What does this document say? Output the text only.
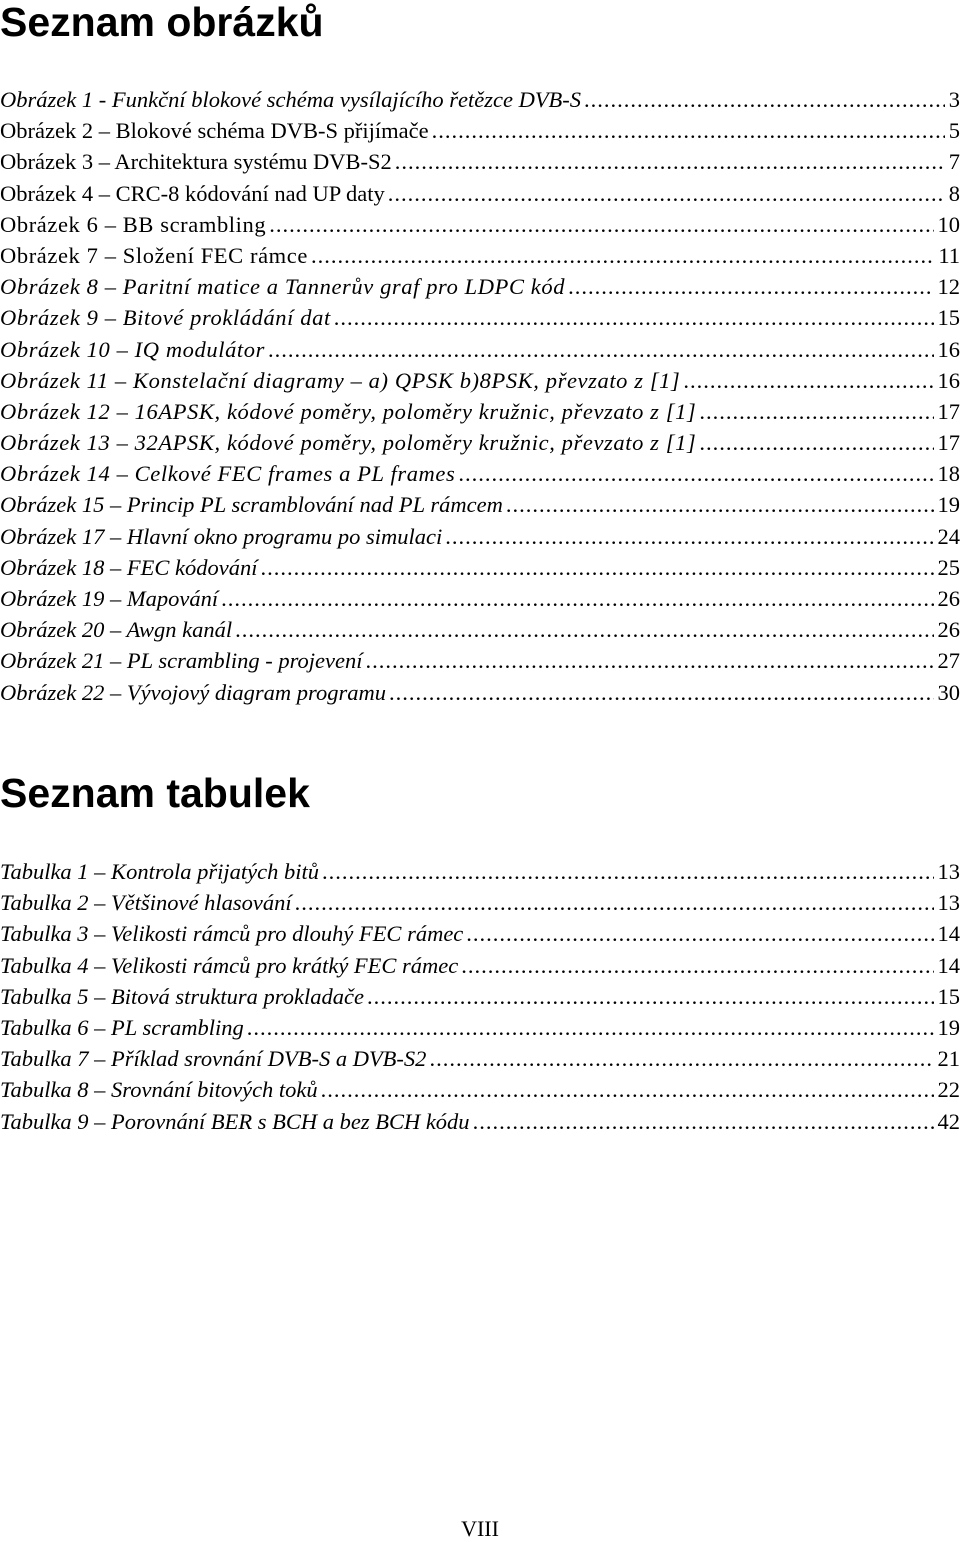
Seznam obrázků
Obrázek 1 - Funkční blokové schéma vysílajícího řetězce DVB-S .....	3
Obrázek 2 – Blokové schéma DVB-S přijímače .....	5
Obrázek 3 – Architektura systému DVB-S2 .....	7
Obrázek 4 – CRC-8 kódování nad UP daty .....	8
Obrázek 6 – BB scrambling .....	10
Obrázek 7 – Složení FEC rámce .....	11
Obrázek 8 – Paritní matice a Tannerův graf pro LDPC kód .....	12
Obrázek 9 – Bitové prokládání dat .....	15
Obrázek 10 – IQ modulátor .....	16
Obrázek 11 – Konstelační diagramy – a) QPSK b)8PSK, převzato z [1] .....	16
Obrázek 12 – 16APSK, kódové poměry, poloměry kružnic, převzato z [1] .....	17
Obrázek 13 – 32APSK, kódové poměry, poloměry kružnic, převzato z [1] .....	17
Obrázek 14 – Celkové FEC frames a PL frames .....	18
Obrázek 15 – Princip PL scramblování nad PL rámcem .....	19
Obrázek 17 – Hlavní okno programu po simulaci .....	24
Obrázek 18 – FEC kódování .....	25
Obrázek 19 – Mapování .....	26
Obrázek 20 – Awgn kanál .....	26
Obrázek 21 – PL scrambling - projevení .....	27
Obrázek 22 – Vývojový diagram programu .....	30
Seznam tabulek
Tabulka 1 – Kontrola přijatých bitů .....	13
Tabulka 2 – Většinové hlasování .....	13
Tabulka 3 – Velikosti rámců pro dlouhý FEC rámec .....	14
Tabulka 4 – Velikosti rámců pro krátký FEC rámec .....	14
Tabulka 5 – Bitová struktura prokladače .....	15
Tabulka 6 – PL scrambling .....	19
Tabulka 7 – Příklad srovnání DVB-S a DVB-S2 .....	21
Tabulka 8 – Srovnání bitových toků .....	22
Tabulka 9 – Porovnání BER s BCH a bez BCH kódu .....	42
VIII
